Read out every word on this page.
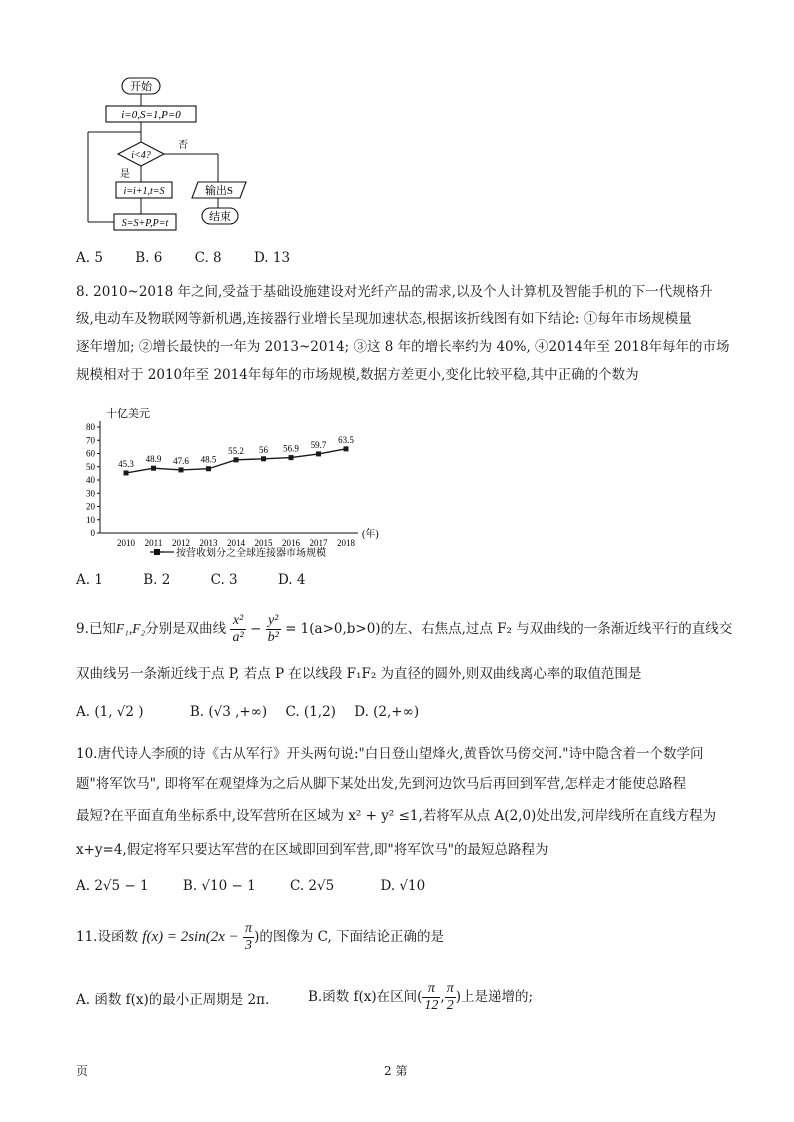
开始
i=0,S=1,P=0
i<4?
否
输出S
结束
是
i=i+1,t=S
S=S+P,P=t
A. 5 B. 6 C. 8 D. 13
8. 2010~2018 年之间,受益于基础设施建设对光纤产品的需求,以及个人计算机及智能手机的下一代规格升
级,电动车及物联网等新机遇,连接器行业增长呈现加速状态,根据该折线图有如下结论: ①每年市场规模量
逐年增加; ②增长最快的一年为 2013~2014; ③这 8 年的增长率约为 40%, ④2014年至 2018年每年的市场
规模相对于 2010年至 2014年每年的市场规模,数据方差更小,变化比较平稳,其中正确的个数为
十亿美元
(年)
按营收划分之全球连接器市场规模
0
10
20
30
40
50
60
70
80
2010 2011 2012 2013 2014 2015 2016 2017 2018
45.3 48.9 47.6 48.5
55.2 56 56.9 59.7
63.5
A. 1	B. 2	C. 3	D. 4
9.已知F₁,F₂分别是双曲线 $\frac{\text{x²}}{\text{a²}} - \frac{\text{y²}}{\text{b²}} = 1(a>0,b>0)$的左、右焦点,过点 F₂ 与双曲线的一条渐近线平行的直线交
双曲线另一条渐近线于点 P, 若点 P 在以线段 F₁F₂ 为直径的圆外,则双曲线离心率的取值范围是
A. (1, √2 )	B. (√3 ,+∞) C. (1,2) D. (2,+∞)
10.唐代诗人李颀的诗《古从军行》开头两句说:"白日登山望烽火,黄昏饮马傍交河."诗中隐含着一个数学问
题"将军饮马", 即将军在观望烽为之后从脚下某处出发,先到河边饮马后再回到军营,怎样走才能使总路程
最短?在平面直角坐标系中,设军营所在区域为 x² + y² ≤1,若将军从点 A(2,0)处出发,河岸线所在直线方程为
x+y=4,假定将军只要达军营的在区域即回到军营,即"将军饮马"的最短总路程为
A. 2√5 − 1	B. √10 − 1	C. 2√5	D. √10
11.设函数 $f(x) = 2\sin(2x - \frac{\pi}{3}$ )的图像为 C, 下面结论正确的是
A. 函数 f(x)的最小正周期是 2π.	B.函数 f(x)在区间( $\frac{\pi}{12}$ , $\frac{\pi}{2}$ )上是递增的;
页	2 第
